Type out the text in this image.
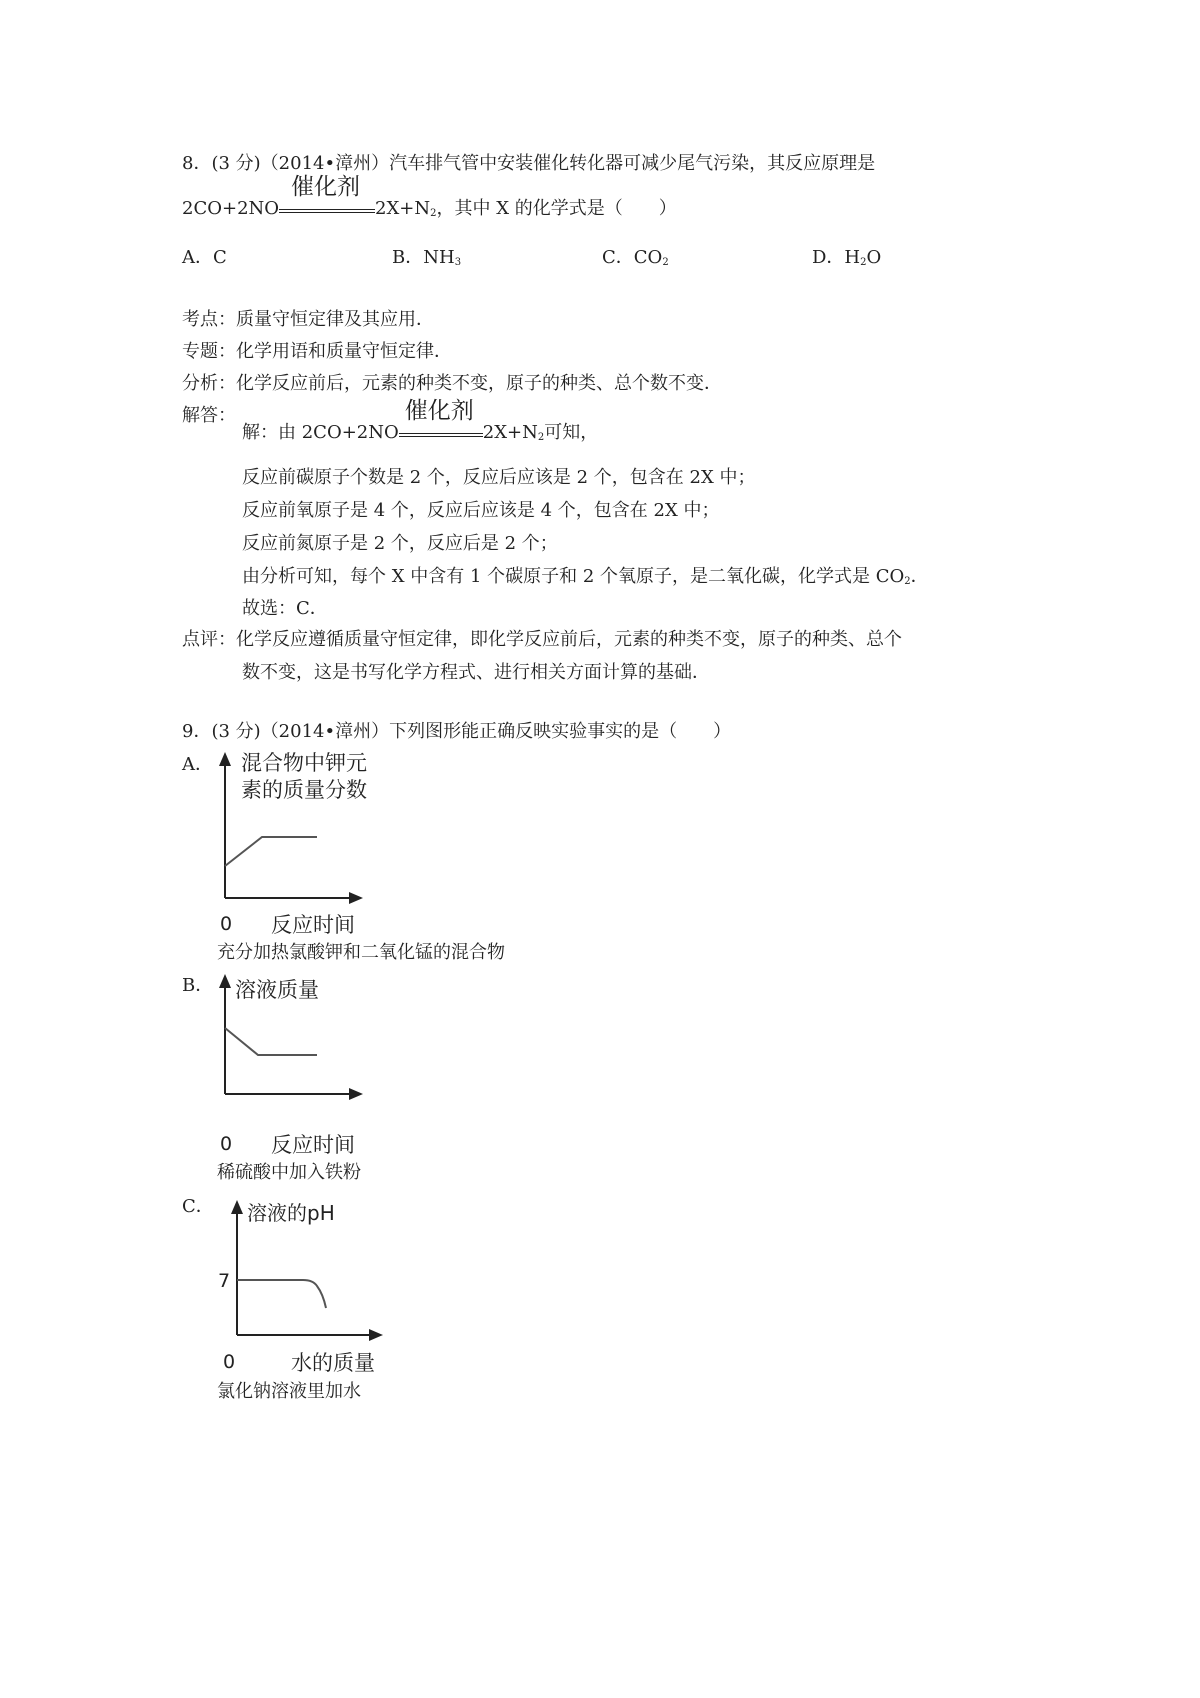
8．(3 分)（2014•漳州）汽车排气管中安装催化转化器可减少尾气污染，其反应原理是
2CO+2NO
催化剂
$2X+N_2$，其中 X 的化学式是（　　）
A．C	B．$NH_3$	C．$CO_2$	D．$H_2O$
考点：质量守恒定律及其应用．
专题：化学用语和质量守恒定律．
分析：化学反应前后，元素的种类不变，原子的种类、总个数不变．
解答：
解：由 2CO+2NO
催化剂
$2X+N_2$可知，
反应前碳原子个数是 2 个，反应后应该是 2 个，包含在 2X 中；
反应前氧原子是 4 个，反应后应该是 4 个，包含在 2X 中；
反应前氮原子是 2 个，反应后是 2 个；
由分析可知，每个 X 中含有 1 个碳原子和 2 个氧原子，是二氧化碳，化学式是 $CO_2$．
故选：C．
点评：化学反应遵循质量守恒定律，即化学反应前后，元素的种类不变，原子的种类、总个
数不变，这是书写化学方程式、进行相关方面计算的基础．
9．(3 分)（2014•漳州）下列图形能正确反映实验事实的是（　　）
A． 混合物中钾元
素的质量分数
0 反应时间
充分加热氯酸钾和二氧化锰的混合物
B． 溶液质量
0 反应时间
稀硫酸中加入铁粉
C． 溶液的pH
7
0	水的质量
氯化钠溶液里加水
